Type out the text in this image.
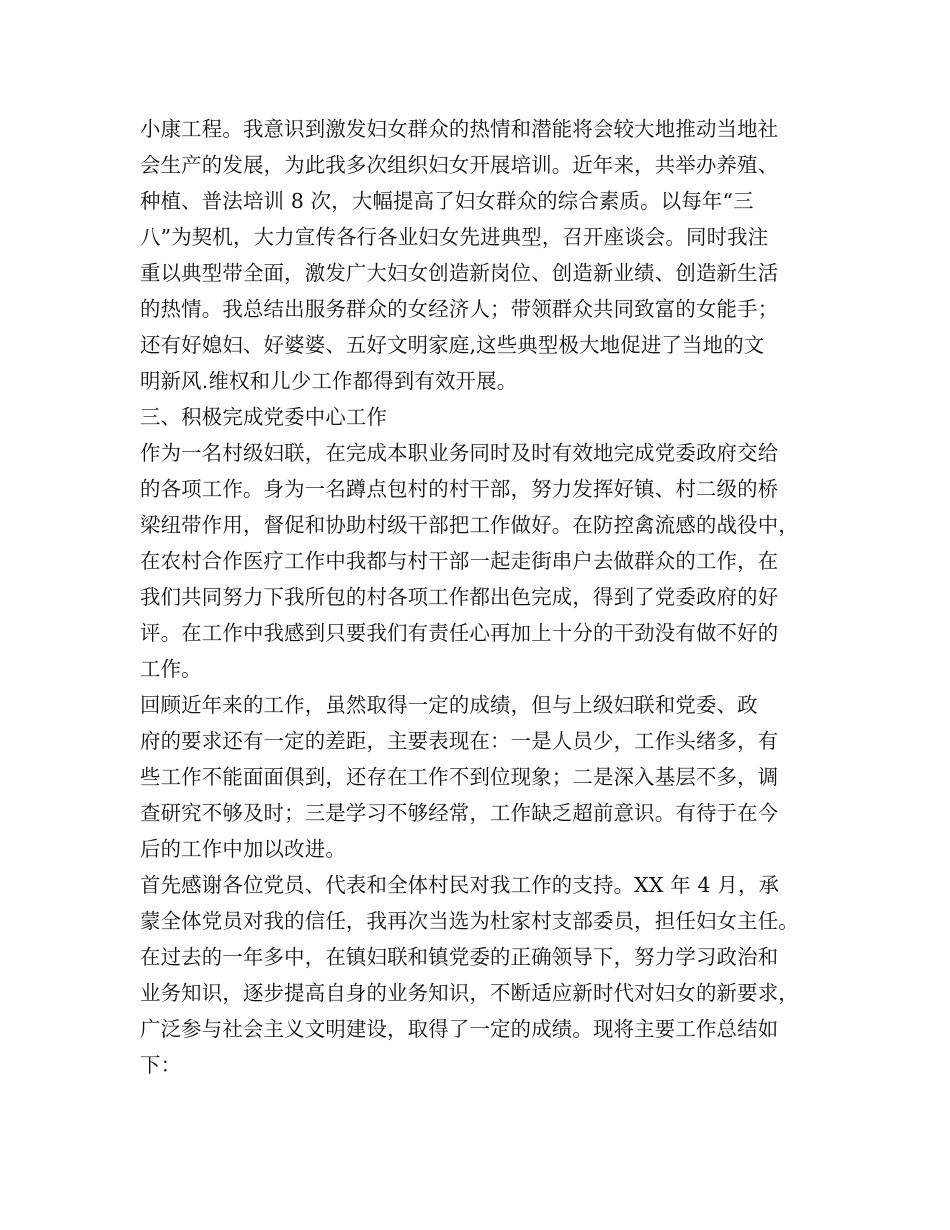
小康工程。我意识到激发妇女群众的热情和潜能将会较大地推动当地社
会生产的发展，为此我多次组织妇女开展培训。近年来，共举办养殖、
种植、普法培训 8 次，大幅提高了妇女群众的综合素质。以每年“三
八”为契机，大力宣传各行各业妇女先进典型，召开座谈会。同时我注
重以典型带全面，激发广大妇女创造新岗位、创造新业绩、创造新生活
的热情。我总结出服务群众的女经济人；带领群众共同致富的女能手；
还有好媳妇、好婆婆、五好文明家庭,这些典型极大地促进了当地的文
明新风.维权和儿少工作都得到有效开展。
三、积极完成党委中心工作
作为一名村级妇联，在完成本职业务同时及时有效地完成党委政府交给
的各项工作。身为一名蹲点包村的村干部，努力发挥好镇、村二级的桥
梁纽带作用，督促和协助村级干部把工作做好。在防控禽流感的战役中，
在农村合作医疗工作中我都与村干部一起走街串户去做群众的工作，在
我们共同努力下我所包的村各项工作都出色完成，得到了党委政府的好
评。在工作中我感到只要我们有责任心再加上十分的干劲没有做不好的
工作。
回顾近年来的工作，虽然取得一定的成绩，但与上级妇联和党委、政
府的要求还有一定的差距，主要表现在：一是人员少，工作头绪多，有
些工作不能面面俱到，还存在工作不到位现象；二是深入基层不多，调
查研究不够及时；三是学习不够经常，工作缺乏超前意识。有待于在今
后的工作中加以改进。
首先感谢各位党员、代表和全体村民对我工作的支持。XX 年 4 月，承
蒙全体党员对我的信任，我再次当选为杜家村支部委员，担任妇女主任。
在过去的一年多中，在镇妇联和镇党委的正确领导下，努力学习政治和
业务知识，逐步提高自身的业务知识，不断适应新时代对妇女的新要求，
广泛参与社会主义文明建设，取得了一定的成绩。现将主要工作总结如
下：
